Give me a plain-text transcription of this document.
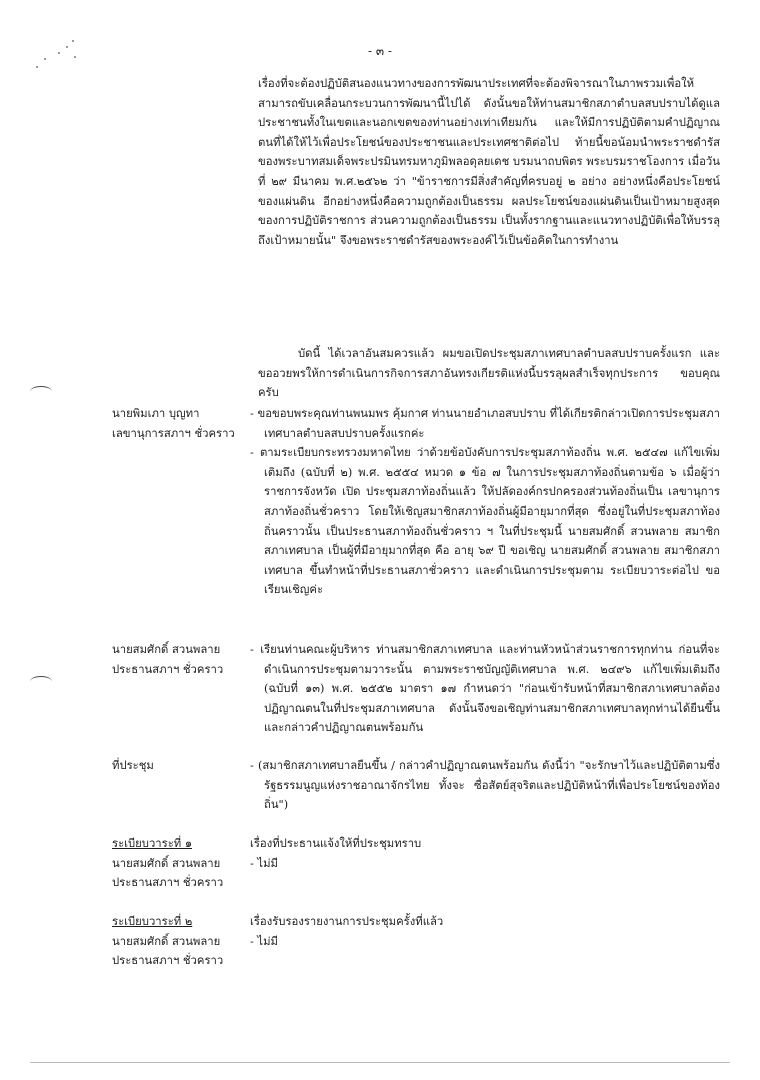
- ๓ -

เรื่องที่จะต้องปฏิบัติสนองแนวทางของการพัฒนาประเทศที่จะต้องพิจารณาในภาพรวมเพื่อให้สามารถขับเคลื่อนกระบวนการพัฒนานี้ไปได้ ดังนั้นขอให้ท่านสมาชิกสภาตำบลสบปราบได้ดูแลประชาชนทั้งในเขตและนอกเขตของท่านอย่างเท่าเทียมกัน และให้มีการปฏิบัติตามคำปฏิญาณตนที่ได้ให้ไว้เพื่อประโยชน์ของประชาชนและประเทศชาติต่อไป ท้ายนี้ขอน้อมนำพระราชดำรัสของพระบาทสมเด็จพระปรมินทรมหาภูมิพลอดุลยเดช บรมนาถบพิตร พระบรมราชโองการ เมื่อวันที่ ๒๙ มีนาคม พ.ศ.๒๕๖๒ ว่า "ข้าราชการมีสิ่งสำคัญที่ครบอยู่ ๒ อย่าง อย่างหนึ่งคือประโยชน์ของแผ่นดิน อีกอย่างหนึ่งคือความถูกต้องเป็นธรรม ผลประโยชน์ของแผ่นดินเป็นเป้าหมายสูงสุดของการปฏิบัติราชการ ส่วนความถูกต้องเป็นธรรม เป็นทั้งรากฐานและแนวทางปฏิบัติเพื่อให้บรรลุถึงเป้าหมายนั้น" จึงขอพระราชดำรัสของพระองค์ไว้เป็นข้อคิดในการทำงาน

บัดนี้ ได้เวลาอันสมควรแล้ว ผมขอเปิดประชุมสภาเทศบาลตำบลสบปราบครั้งแรก และขออวยพรให้การดำเนินการกิจการสภาอันทรงเกียรติแห่งนี้บรรลุผลสำเร็จทุกประการ ขอบคุณครับ

นายพิมเภา บุญทา
เลขานุการสภาฯ ชั่วคราว

- ขอขอบพระคุณท่านพนมพร คุ้มกาศ ท่านนายอำเภอสบปราบ ที่ได้เกียรติกล่าวเปิดการประชุมสภาเทศบาลตำบลสบปราบครั้งแรกค่ะ

- ตามระเบียบกระทรวงมหาดไทย ว่าด้วยข้อบังคับการประชุมสภาท้องถิ่น พ.ศ. ๒๕๔๗ แก้ไขเพิ่มเติมถึง (ฉบับที่ ๒) พ.ศ. ๒๕๕๔ หมวด ๑ ข้อ ๗ ในการประชุมสภาท้องถิ่นตามข้อ ๖ เมื่อผู้ว่าราชการจังหวัด เปิด ประชุมสภาท้องถิ่นแล้ว ให้ปลัดองค์กรปกครองส่วนท้องถิ่นเป็น เลขานุการสภาท้องถิ่นชั่วคราว โดยให้เชิญสมาชิกสภาท้องถิ่นผู้มีอายุมากที่สุด ซึ่งอยู่ในที่ประชุมสภาท้องถิ่นคราวนั้น เป็นประธานสภาท้องถิ่นชั่วคราว ฯ ในที่ประชุมนี้ นายสมศักดิ์ สวนพลาย สมาชิกสภาเทศบาล เป็นผู้ที่มีอายุมากที่สุด คือ อายุ ๖๙ ปี ขอเชิญ นายสมศักดิ์ สวนพลาย สมาชิกสภาเทศบาล ขึ้นทำหน้าที่ประธานสภาชั่วคราว และดำเนินการประชุมตาม ระเบียบวาระต่อไป ขอเรียนเชิญค่ะ

นายสมศักดิ์ สวนพลาย
ประธานสภาฯ ชั่วคราว

- เรียนท่านคณะผู้บริหาร ท่านสมาชิกสภาเทศบาล และท่านหัวหน้าส่วนราชการทุกท่าน ก่อนที่จะดำเนินการประชุมตามวาระนั้น ตามพระราชบัญญัติเทศบาล พ.ศ. ๒๔๙๖ แก้ไขเพิ่มเติมถึง (ฉบับที่ ๑๓) พ.ศ. ๒๕๕๒ มาตรา ๑๗ กำหนดว่า "ก่อนเข้ารับหน้าที่สมาชิกสภาเทศบาลต้องปฏิญาณตนในที่ประชุมสภาเทศบาล ดังนั้นจึงขอเชิญท่านสมาชิกสภาเทศบาลทุกท่านได้ยืนขึ้น และกล่าวคำปฏิญาณตนพร้อมกัน

ที่ประชุม	- (สมาชิกสภาเทศบาลยืนขึ้น / กล่าวคำปฏิญาณตนพร้อมกัน ดังนี้ว่า "จะรักษาไว้และปฏิบัติตามซึ่งรัฐธรรมนูญแห่งราชอาณาจักรไทย ทั้งจะ ซื่อสัตย์สุจริตและปฏิบัติหน้าที่เพื่อประโยชน์ของท้องถิ่น")

ระเบียบวาระที่ ๑
นายสมศักดิ์ สวนพลาย
ประธานสภาฯ ชั่วคราว

เรื่องที่ประธานแจ้งให้ที่ประชุมทราบ

- ไม่มี

ระเบียบวาระที่ ๒
นายสมศักดิ์ สวนพลาย
ประธานสภาฯ ชั่วคราว

เรื่องรับรองรายงานการประชุมครั้งที่แล้ว

- ไม่มี
